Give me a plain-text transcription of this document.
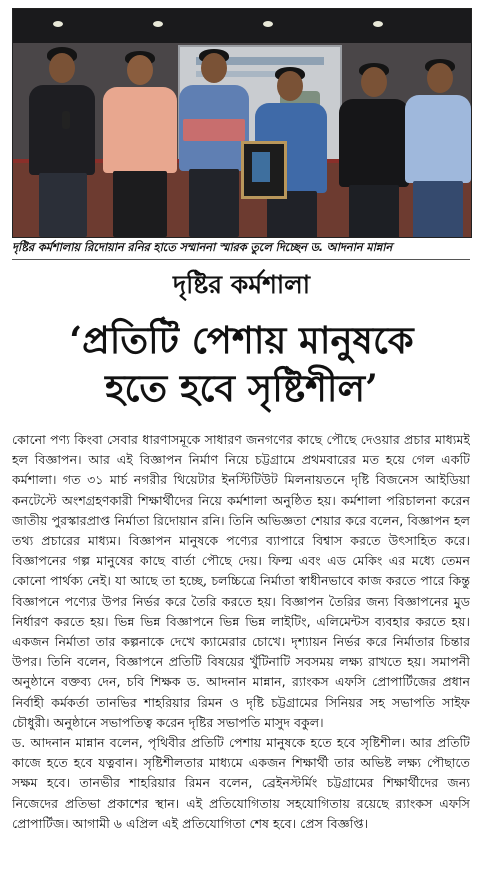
দৃষ্টির কর্মশালায় রিদোয়ান রনির হাতে সম্মাননা স্মারক তুলে দিচ্ছেন ড. আদনান মান্নান
দৃষ্টির কর্মশালা
‘প্রতিটি পেশায় মানুষকে
হতে হবে সৃষ্টিশীল’

কোনো পণ্য কিংবা সেবার ধারণাসমূকে সাধারণ জনগণের কাছে পৌছে দেওয়ার প্রচার মাধ্যমই হল বিজ্ঞাপন। আর এই বিজ্ঞাপন নির্মাণ নিয়ে চট্টগ্রামে প্রথমবারের মত হয়ে গেল একটি কর্মশালা। গত ৩১ মার্চ নগরীর থিয়েটার ইনস্টিটিউট মিলনায়তনে দৃষ্টি বিজনেস আইডিয়া কনটেস্টে অংশগ্রহণকারী শিক্ষার্থীদের নিয়ে কর্মশালা অনুষ্ঠিত হয়। কর্মশালা পরিচালনা করেন জাতীয় পুরস্কারপ্রাপ্ত নির্মাতা রিদোয়ান রনি। তিনি অভিজ্ঞতা শেয়ার করে বলেন, বিজ্ঞাপন হল তথ্য প্রচারের মাধ্যম। বিজ্ঞাপন মানুষকে পণ্যের ব্যাপারে বিশ্বাস করতে উৎসাহিত করে। বিজ্ঞাপনের গল্প মানুষের কাছে বার্তা পৌছে দেয়। ফিল্ম এবং এড মেকিং এর মধ্যে তেমন কোনো পার্থক্য নেই। যা আছে তা হচ্ছে, চলচ্চিত্রে নির্মাতা স্বাধীনভাবে কাজ করতে পারে কিন্তু বিজ্ঞাপনে পণ্যের উপর নির্ভর করে তৈরি করতে হয়। বিজ্ঞাপন তৈরির জন্য বিজ্ঞাপনের মুড নির্ধারণ করতে হয়। ভিন্ন ভিন্ন বিজ্ঞাপনে ভিন্ন ভিন্ন লাইটিং, এলিমেন্টস ব্যবহার করতে হয়। একজন নির্মাতা তার কল্পনাকে দেখে ক্যামেরার চোখে। দৃশ্যায়ন নির্ভর করে নির্মাতার চিন্তার উপর। তিনি বলেন, বিজ্ঞাপনে প্রতিটি বিষয়ের খুঁটিনাটি সবসময় লক্ষ্য রাখতে হয়। সমাপনী অনুষ্ঠানে বক্তব্য দেন, চবি শিক্ষক ড. আদনান মান্নান, র‍্যাংকস এফসি প্রোপার্টিজের প্রধান নির্বাহী কর্মকর্তা তানভির শাহরিয়ার রিমন ও দৃষ্টি চট্টগ্রামের সিনিয়র সহ সভাপতি সাইফ চৌধুরী। অনুষ্ঠানে সভাপতিত্ব করেন দৃষ্টির সভাপতি মাসুদ বকুল।

ড. আদনান মান্নান বলেন, পৃথিবীর প্রতিটি পেশায় মানুষকে হতে হবে সৃষ্টিশীল। আর প্রতিটি কাজে হতে হবে যত্নবান। সৃষ্টিশীলতার মাধ্যমে একজন শিক্ষার্থী তার অভিষ্ট লক্ষ্য পৌছাতে সক্ষম হবে। তানভীর শাহরিয়ার রিমন বলেন, ব্রেইনস্টর্মিং চট্টগ্রামের শিক্ষার্থীদের জন্য নিজেদের প্রতিভা প্রকাশের স্থান। এই প্রতিযোগিতায় সহযোগিতায় রয়েছে র‍্যাংকস এফসি প্রোপার্টিজ। আগামী ৬ এপ্রিল এই প্রতিযোগিতা শেষ হবে। প্রেস বিজ্ঞপ্তি।
